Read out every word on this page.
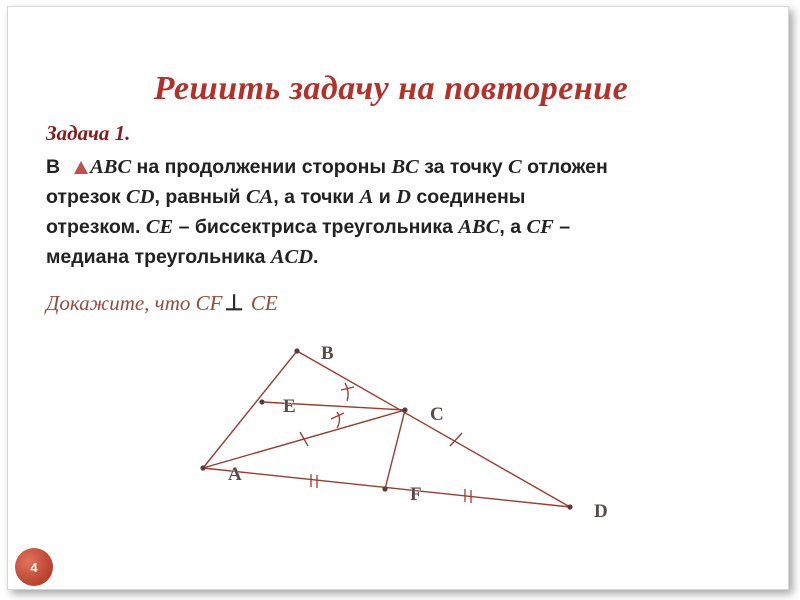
Решить задачу на повторение
Задача 1.
В ABC на продолжении стороны BC за точку C отложен
отрезок CD, равный CA, а точки A и D соединены
отрезком. CE – биссектриса треугольника ABC, а CF –
медиана треугольника ACD.
Докажите, что CF⊥ CE
B
E	C
A
F
D
4
